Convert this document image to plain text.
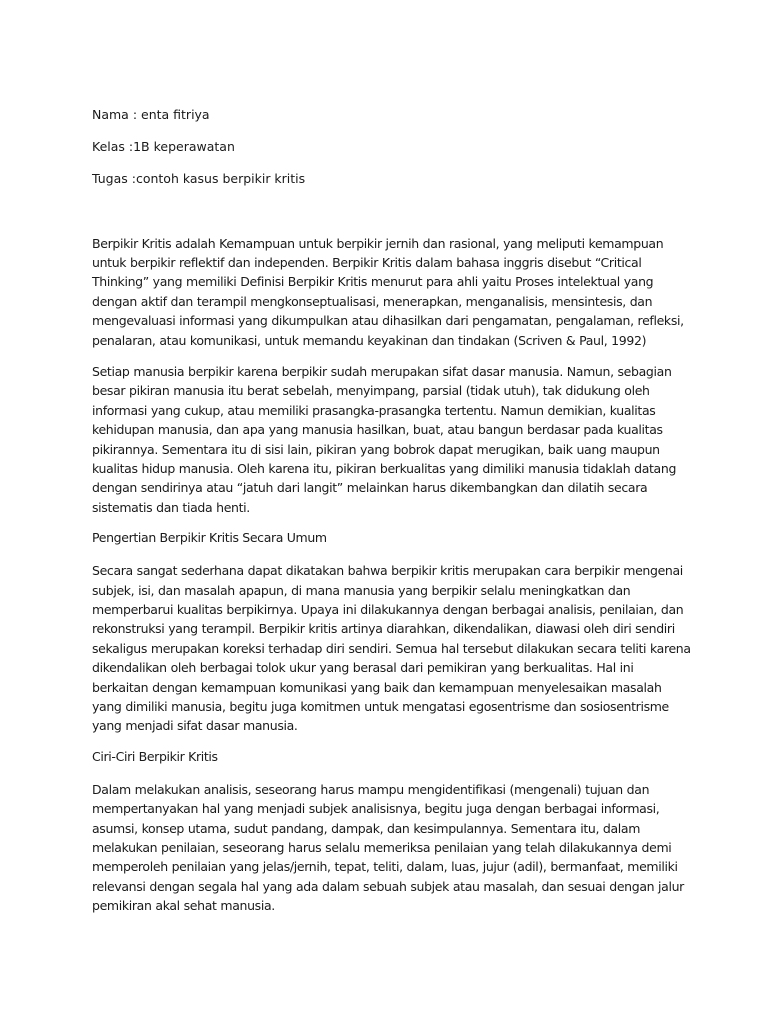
Nama : enta fitriya

Kelas :1B keperawatan

Tugas :contoh kasus berpikir kritis

Berpikir Kritis adalah Kemampuan untuk berpikir jernih dan rasional, yang meliputi kemampuan untuk berpikir reflektif dan independen. Berpikir Kritis dalam bahasa inggris disebut “Critical Thinking” yang memiliki Definisi Berpikir Kritis menurut para ahli yaitu Proses intelektual yang dengan aktif dan terampil mengkonseptualisasi, menerapkan, menganalisis, mensintesis, dan mengevaluasi informasi yang dikumpulkan atau dihasilkan dari pengamatan, pengalaman, refleksi, penalaran, atau komunikasi, untuk memandu keyakinan dan tindakan (Scriven & Paul, 1992)

Setiap manusia berpikir karena berpikir sudah merupakan sifat dasar manusia. Namun, sebagian besar pikiran manusia itu berat sebelah, menyimpang, parsial (tidak utuh), tak didukung oleh informasi yang cukup, atau memiliki prasangka-prasangka tertentu. Namun demikian, kualitas kehidupan manusia, dan apa yang manusia hasilkan, buat, atau bangun berdasar pada kualitas pikirannya. Sementara itu di sisi lain, pikiran yang bobrok dapat merugikan, baik uang maupun kualitas hidup manusia. Oleh karena itu, pikiran berkualitas yang dimiliki manusia tidaklah datang dengan sendirinya atau “jatuh dari langit” melainkan harus dikembangkan dan dilatih secara sistematis dan tiada henti.

Pengertian Berpikir Kritis Secara Umum

Secara sangat sederhana dapat dikatakan bahwa berpikir kritis merupakan cara berpikir mengenai subjek, isi, dan masalah apapun, di mana manusia yang berpikir selalu meningkatkan dan memperbarui kualitas berpikirnya. Upaya ini dilakukannya dengan berbagai analisis, penilaian, dan rekonstruksi yang terampil. Berpikir kritis artinya diarahkan, dikendalikan, diawasi oleh diri sendiri sekaligus merupakan koreksi terhadap diri sendiri. Semua hal tersebut dilakukan secara teliti karena dikendalikan oleh berbagai tolok ukur yang berasal dari pemikiran yang berkualitas. Hal ini berkaitan dengan kemampuan komunikasi yang baik dan kemampuan menyelesaikan masalah yang dimiliki manusia, begitu juga komitmen untuk mengatasi egosentrisme dan sosiosentrisme yang menjadi sifat dasar manusia.

Ciri-Ciri Berpikir Kritis

Dalam melakukan analisis, seseorang harus mampu mengidentifikasi (mengenali) tujuan dan mempertanyakan hal yang menjadi subjek analisisnya, begitu juga dengan berbagai informasi, asumsi, konsep utama, sudut pandang, dampak, dan kesimpulannya. Sementara itu, dalam melakukan penilaian, seseorang harus selalu memeriksa penilaian yang telah dilakukannya demi memperoleh penilaian yang jelas/jernih, tepat, teliti, dalam, luas, jujur (adil), bermanfaat, memiliki relevansi dengan segala hal yang ada dalam sebuah subjek atau masalah, dan sesuai dengan jalur pemikiran akal sehat manusia.
